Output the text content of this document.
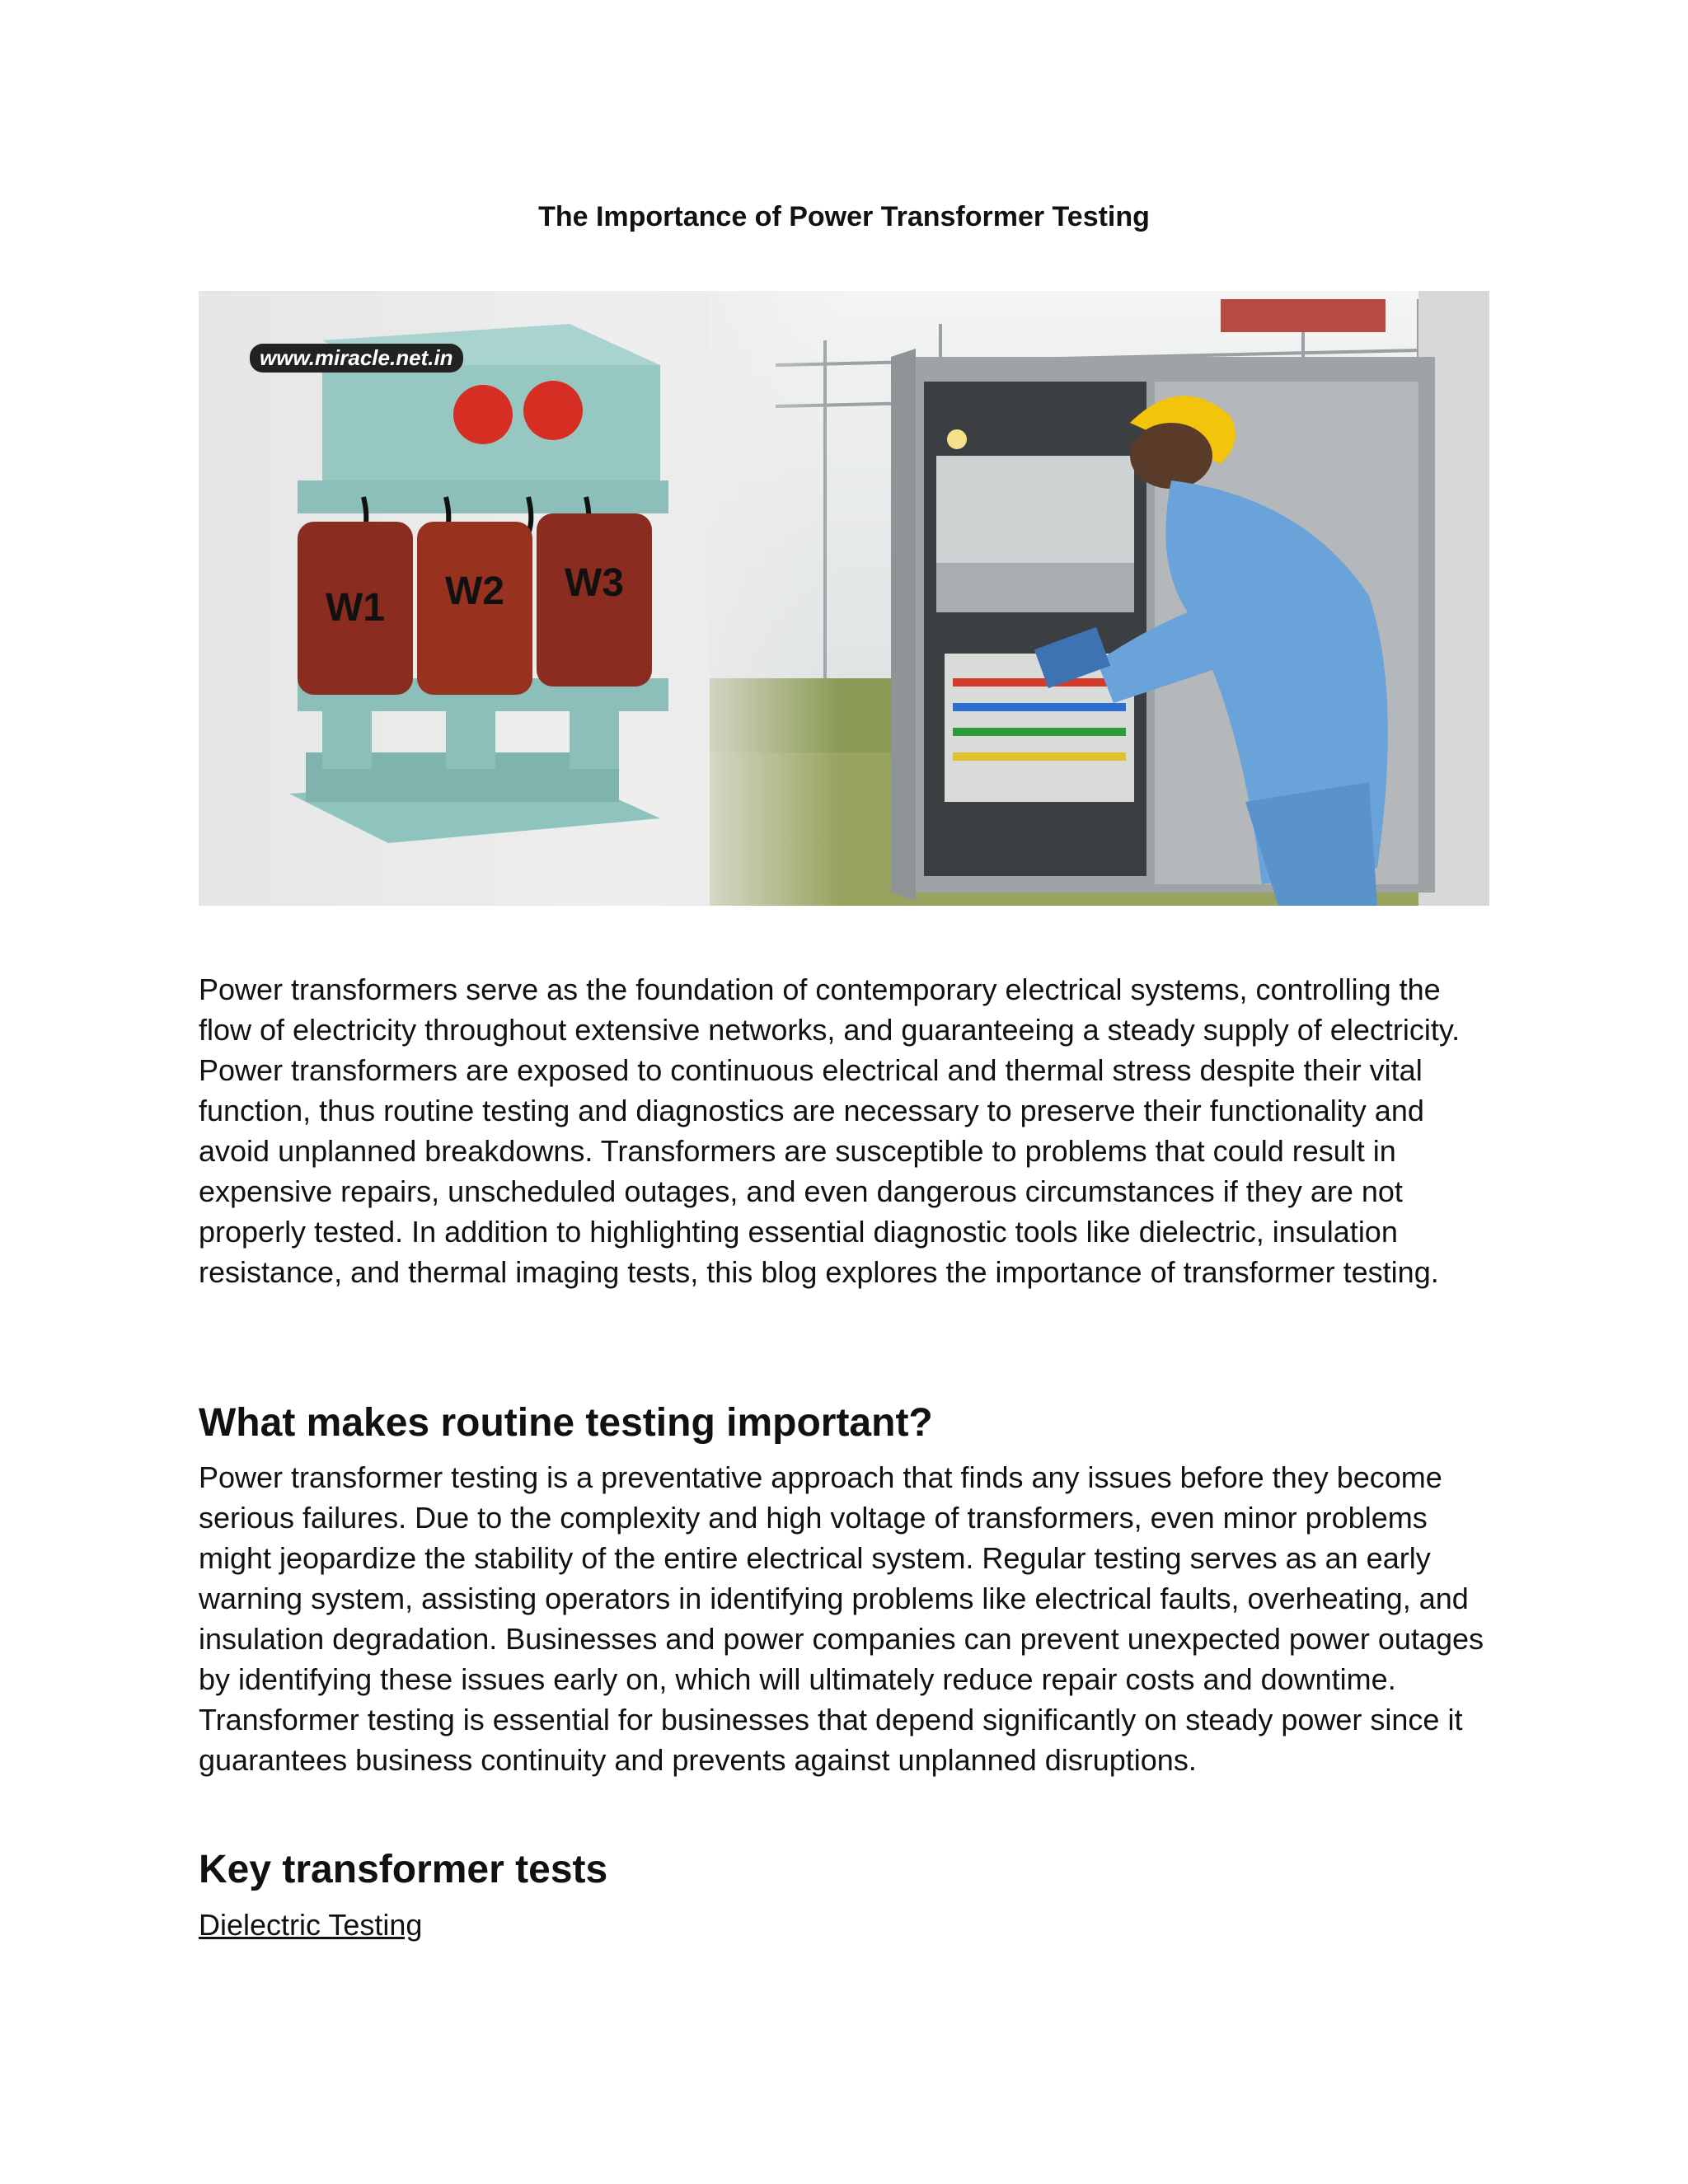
The Importance of Power Transformer Testing
W1 W2 W3
www.miracle.net.in

Power transformers serve as the foundation of contemporary electrical systems, controlling the flow of electricity throughout extensive networks, and guaranteeing a steady supply of electricity. Power transformers are exposed to continuous electrical and thermal stress despite their vital function, thus routine testing and diagnostics are necessary to preserve their functionality and avoid unplanned breakdowns. Transformers are susceptible to problems that could result in expensive repairs, unscheduled outages, and even dangerous circumstances if they are not properly tested. In addition to highlighting essential diagnostic tools like dielectric, insulation resistance, and thermal imaging tests, this blog explores the importance of transformer testing.

What makes routine testing important?

Power transformer testing is a preventative approach that finds any issues before they become serious failures. Due to the complexity and high voltage of transformers, even minor problems might jeopardize the stability of the entire electrical system. Regular testing serves as an early warning system, assisting operators in identifying problems like electrical faults, overheating, and insulation degradation. Businesses and power companies can prevent unexpected power outages by identifying these issues early on, which will ultimately reduce repair costs and downtime. Transformer testing is essential for businesses that depend significantly on steady power since it guarantees business continuity and prevents against unplanned disruptions.

Key transformer tests
Dielectric Testing
